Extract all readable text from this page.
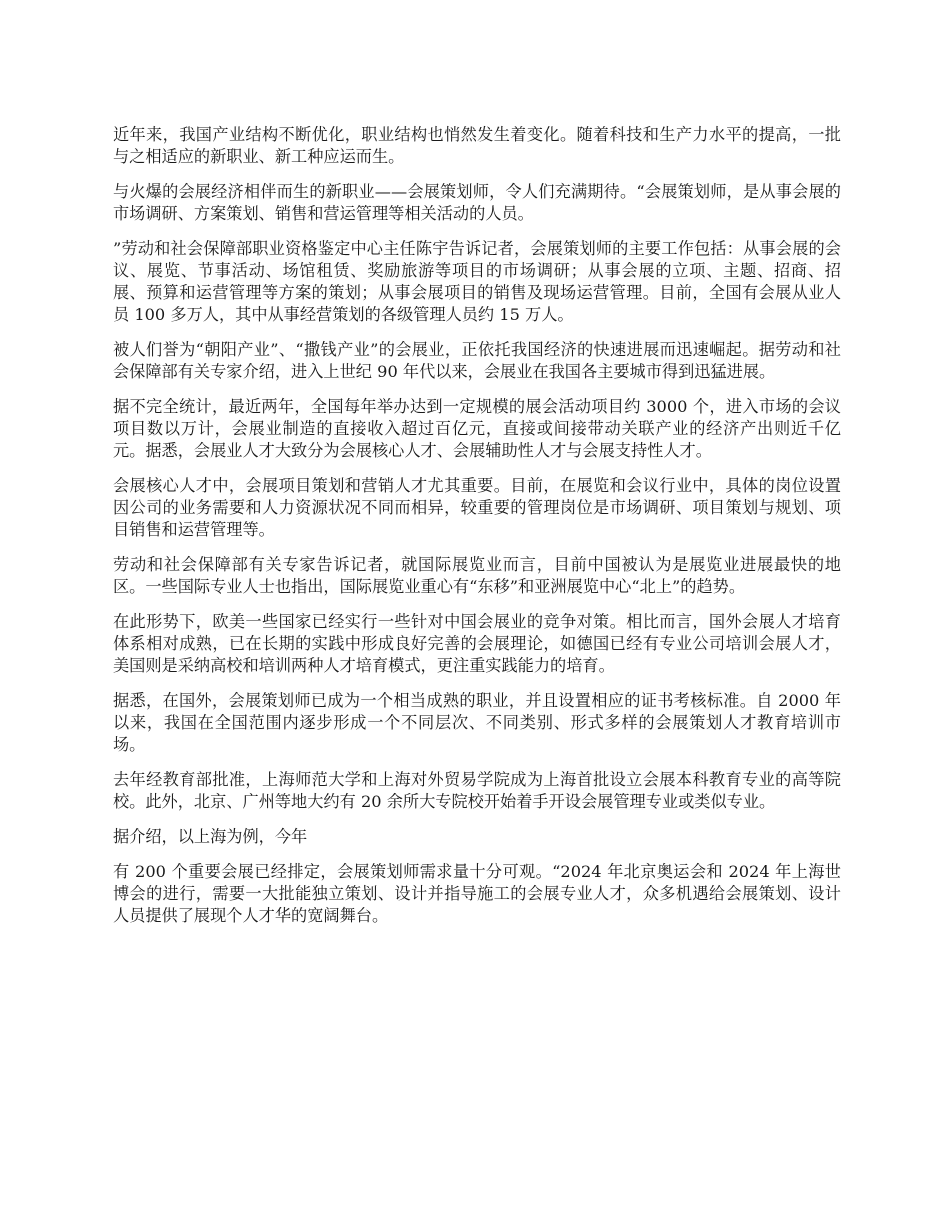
近年来，我国产业结构不断优化，职业结构也悄然发生着变化。随着科技和生产力水平的提高，一批与之相适应的新职业、新工种应运而生。

与火爆的会展经济相伴而生的新职业——会展策划师，令人们充满期待。“会展策划师，是从事会展的市场调研、方案策划、销售和营运管理等相关活动的人员。

”劳动和社会保障部职业资格鉴定中心主任陈宇告诉记者，会展策划师的主要工作包括：从事会展的会议、展览、节事活动、场馆租赁、奖励旅游等项目的市场调研；从事会展的立项、主题、招商、招展、预算和运营管理等方案的策划；从事会展项目的销售及现场运营管理。目前，全国有会展从业人员 100 多万人，其中从事经营策划的各级管理人员约 15 万人。

被人们誉为“朝阳产业”、“撒钱产业”的会展业，正依托我国经济的快速进展而迅速崛起。据劳动和社会保障部有关专家介绍，进入上世纪 90 年代以来，会展业在我国各主要城市得到迅猛进展。

据不完全统计，最近两年，全国每年举办达到一定规模的展会活动项目约 3000 个，进入市场的会议项目数以万计，会展业制造的直接收入超过百亿元，直接或间接带动关联产业的经济产出则近千亿元。据悉，会展业人才大致分为会展核心人才、会展辅助性人才与会展支持性人才。

会展核心人才中，会展项目策划和营销人才尤其重要。目前，在展览和会议行业中，具体的岗位设置因公司的业务需要和人力资源状况不同而相异，较重要的管理岗位是市场调研、项目策划与规划、项目销售和运营管理等。

劳动和社会保障部有关专家告诉记者，就国际展览业而言，目前中国被认为是展览业进展最快的地区。一些国际专业人士也指出，国际展览业重心有“东移”和亚洲展览中心“北上”的趋势。

在此形势下，欧美一些国家已经实行一些针对中国会展业的竞争对策。相比而言，国外会展人才培育体系相对成熟，已在长期的实践中形成良好完善的会展理论，如德国已经有专业公司培训会展人才，美国则是采纳高校和培训两种人才培育模式，更注重实践能力的培育。

据悉，在国外，会展策划师已成为一个相当成熟的职业，并且设置相应的证书考核标准。自 2000 年以来，我国在全国范围内逐步形成一个不同层次、不同类别、形式多样的会展策划人才教育培训市场。

去年经教育部批准，上海师范大学和上海对外贸易学院成为上海首批设立会展本科教育专业的高等院校。此外，北京、广州等地大约有 20 余所大专院校开始着手开设会展管理专业或类似专业。

据介绍，以上海为例，今年

有 200 个重要会展已经排定，会展策划师需求量十分可观。“2024 年北京奥运会和 2024 年上海世博会的进行，需要一大批能独立策划、设计并指导施工的会展专业人才，众多机遇给会展策划、设计人员提供了展现个人才华的宽阔舞台。
